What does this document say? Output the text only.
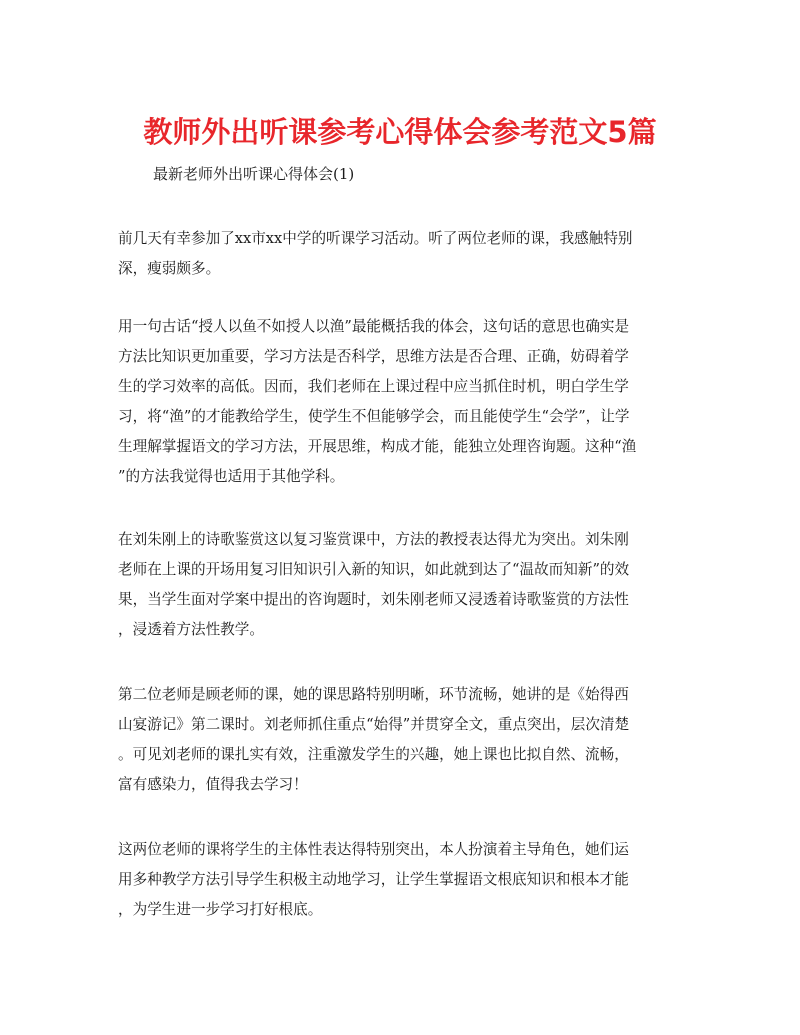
教师外出听课参考心得体会参考范文5篇

最新老师外出听课心得体会(1)

前几天有幸参加了xx市xx中学的听课学习活动。听了两位老师的课，我感触特别
深，瘦弱颇多。
用一句古话“授人以鱼不如授人以渔”最能概括我的体会，这句话的意思也确实是
方法比知识更加重要，学习方法是否科学，思维方法是否合理、正确，妨碍着学
生的学习效率的高低。因而，我们老师在上课过程中应当抓住时机，明白学生学
习，将“渔”的才能教给学生，使学生不但能够学会，而且能使学生“会学”，让学
生理解掌握语文的学习方法，开展思维，构成才能，能独立处理咨询题。这种“渔
”的方法我觉得也适用于其他学科。
在刘朱刚上的诗歌鉴赏这以复习鉴赏课中，方法的教授表达得尤为突出。刘朱刚
老师在上课的开场用复习旧知识引入新的知识，如此就到达了“温故而知新”的效
果，当学生面对学案中提出的咨询题时，刘朱刚老师又浸透着诗歌鉴赏的方法性
，浸透着方法性教学。
第二位老师是顾老师的课，她的课思路特别明晰，环节流畅，她讲的是《始得西
山宴游记》第二课时。刘老师抓住重点“始得”并贯穿全文，重点突出，层次清楚
。可见刘老师的课扎实有效，注重激发学生的兴趣，她上课也比拟自然、流畅，
富有感染力，值得我去学习！
这两位老师的课将学生的主体性表达得特别突出，本人扮演着主导角色，她们运
用多种教学方法引导学生积极主动地学习，让学生掌握语文根底知识和根本才能
，为学生进一步学习打好根底。
